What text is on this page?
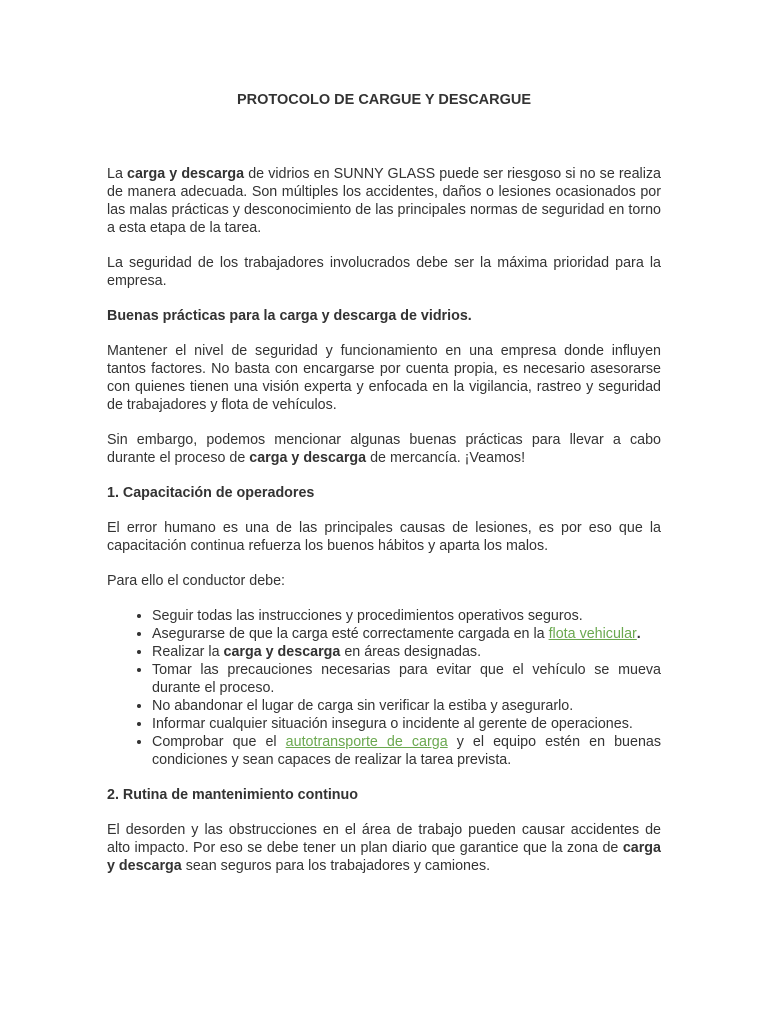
PROTOCOLO DE CARGUE Y DESCARGUE

La carga y descarga de vidrios en SUNNY GLASS puede ser riesgoso si no se realiza de manera adecuada. Son múltiples los accidentes, daños o lesiones ocasionados por las malas prácticas y desconocimiento de las principales normas de seguridad en torno a esta etapa de la tarea.

La seguridad de los trabajadores involucrados debe ser la máxima prioridad para la empresa.

Buenas prácticas para la carga y descarga de vidrios.

Mantener el nivel de seguridad y funcionamiento en una empresa donde influyen tantos factores. No basta con encargarse por cuenta propia, es necesario asesorarse con quienes tienen una visión experta y enfocada en la vigilancia, rastreo y seguridad de trabajadores y flota de vehículos.

Sin embargo, podemos mencionar algunas buenas prácticas para llevar a cabo durante el proceso de carga y descarga de mercancía. ¡Veamos!

1. Capacitación de operadores

El error humano es una de las principales causas de lesiones, es por eso que la capacitación continua refuerza los buenos hábitos y aparta los malos.

Para ello el conductor debe:

• Seguir todas las instrucciones y procedimientos operativos seguros.
• Asegurarse de que la carga esté correctamente cargada en la flota vehicular.
• Realizar la carga y descarga en áreas designadas.
• Tomar las precauciones necesarias para evitar que el vehículo se mueva durante el proceso.
• No abandonar el lugar de carga sin verificar la estiba y asegurarlo.
• Informar cualquier situación insegura o incidente al gerente de operaciones.
• Comprobar que el autotransporte de carga y el equipo estén en buenas condiciones y sean capaces de realizar la tarea prevista.

2. Rutina de mantenimiento continuo

El desorden y las obstrucciones en el área de trabajo pueden causar accidentes de alto impacto. Por eso se debe tener un plan diario que garantice que la zona de carga y descarga sean seguros para los trabajadores y camiones.
